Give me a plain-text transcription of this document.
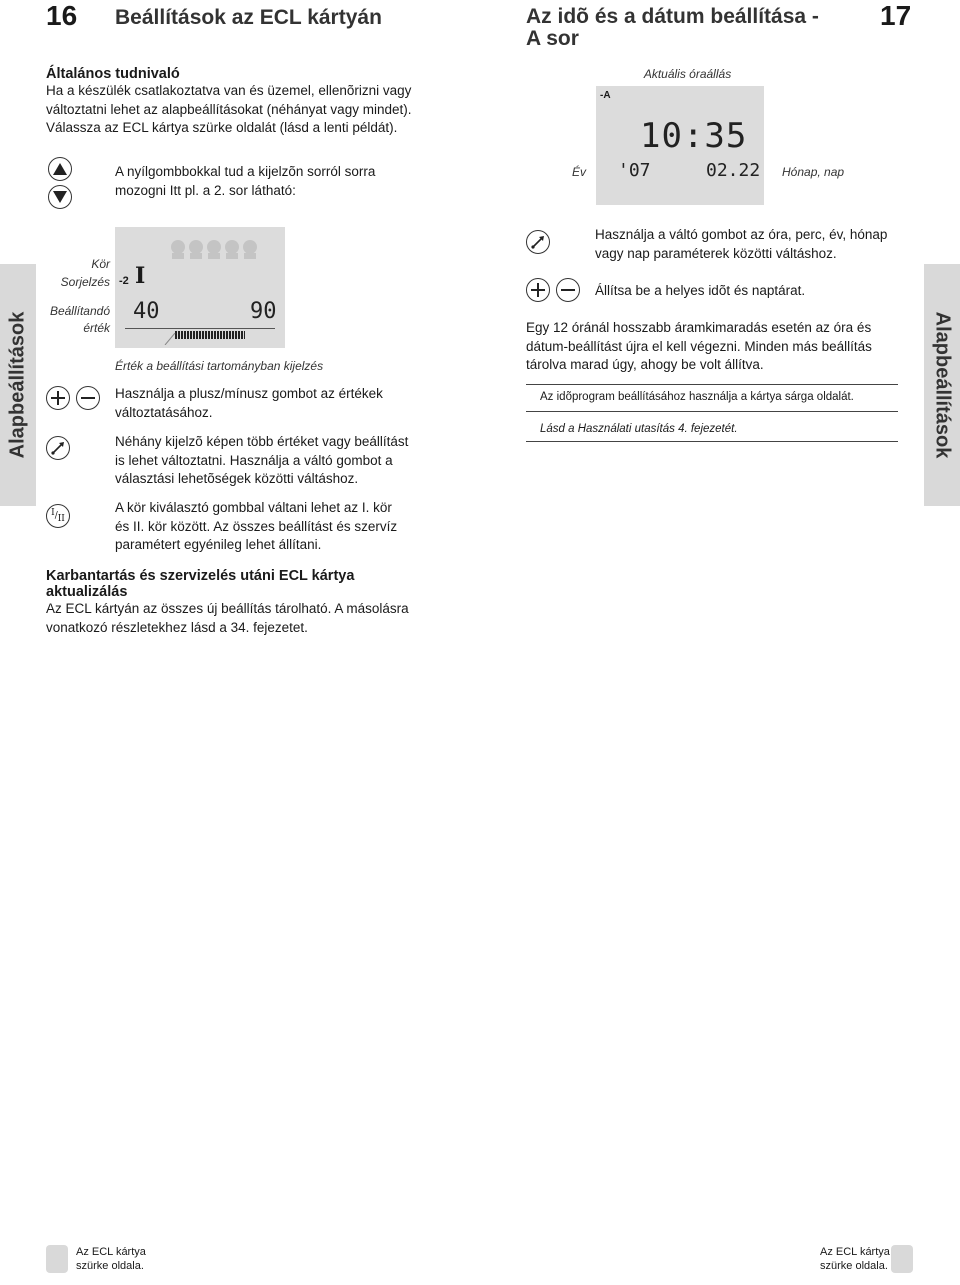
16 Beállítások az ECL kártyán
Általános tudnivaló
Ha a készülék csatlakoztatva van és üzemel, ellenõrizni vagy
változtatni lehet az alapbeállításokat (néhányat vagy mindet).
Válassza az ECL kártya szürke oldalát (lásd a lenti példát).
A nyílgombbokkal tud a kijelzõn sorról sorra
mozogni Itt pl. a 2. sor látható:
Kör
Sorjelzés
Beállítandó
érték
-2 I
40	90
Érték a beállítási tartományban kijelzés
Használja a plusz/mínusz gombot az értékek
változtatásához.
Néhány kijelzõ képen több értéket vagy beállítást
is lehet változtatni. Használja a váltó gombot a
választási lehetõségek közötti váltáshoz.
I / II
A kör kiválasztó gombbal váltani lehet az I. kör
és II. kör között. Az összes beállítást és szervíz
paramétert egyénileg lehet állítani.
Karbantartás és szervizelés utáni ECL kártya
aktualizálás
Az ECL kártyán az összes új beállítás tárolható. A másolásra
vonatkozó részletekhez lásd a 34. fejezetet.
Alapbeállítások
Az ECL kártya
szürke oldala.
Az idõ és a dátum beállítása -
A sor
17
Aktuális óraállás
Év	Hónap, nap
-A
10:35
'07	02.22
Használja a váltó gombot az óra, perc, év, hónap
vagy nap paraméterek közötti váltáshoz.
Állítsa be a helyes idõt és naptárat.
Egy 12 óránál hosszabb áramkimaradás esetén az óra és
dátum-beállítást újra el kell végezni. Minden más beállítás
tárolva marad úgy, ahogy be volt állítva.
Az idõprogram beállításához használja a kártya sárga oldalát.
Lásd a Használati utasítás 4. fejezetét.	Alapbeállítások
Az ECL kártya
szürke oldala.
